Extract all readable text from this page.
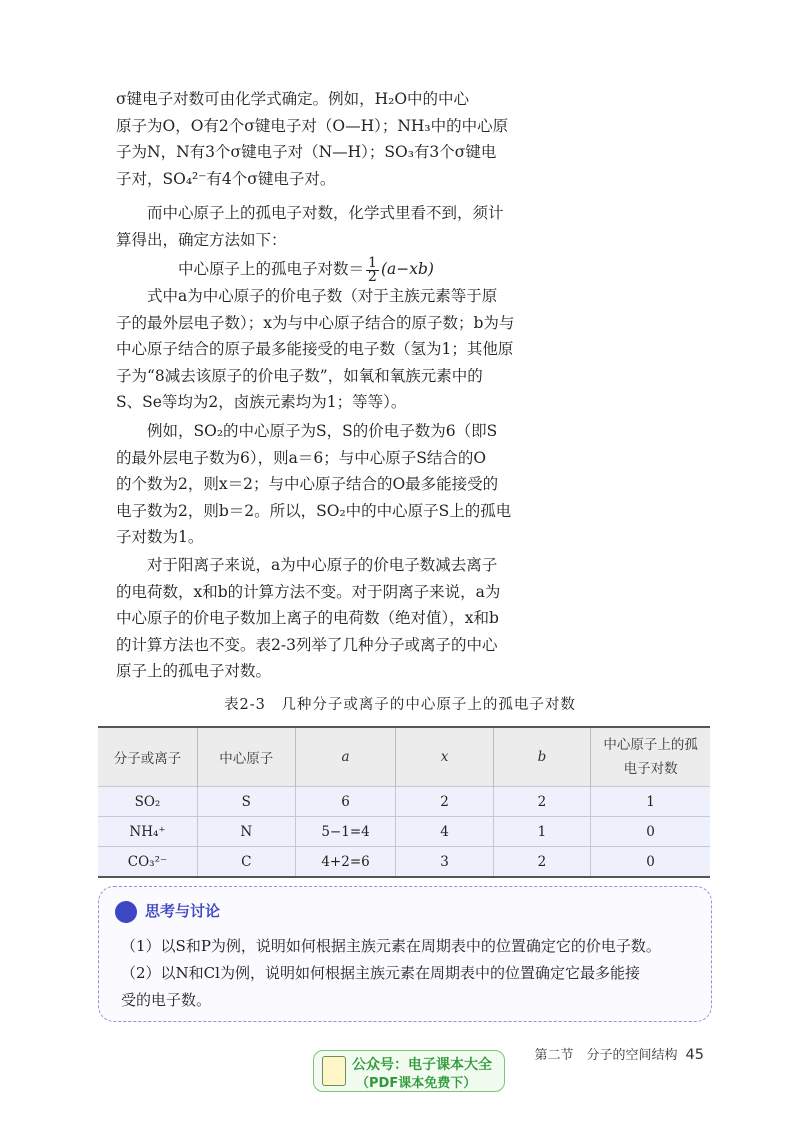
σ键电子对数可由化学式确定。例如，H₂O中的中心
原子为O，O有2个σ键电子对（O—H）；NH₃中的中心原
子为N，N有3个σ键电子对（N—H）；SO₃有3个σ键电
子对，SO₄²⁻有4个σ键电子对。
　　而中心原子上的孤电子对数，化学式里看不到，须计
算得出，确定方法如下：
中心原子上的孤电子对数＝ $\frac{1}{2} (a-xb)$
　　式中a为中心原子的价电子数（对于主族元素等于原
子的最外层电子数）；x为与中心原子结合的原子数；b为与
中心原子结合的原子最多能接受的电子数（氢为1；其他原
子为“8减去该原子的价电子数”，如氧和氧族元素中的
S、Se等均为2，卤族元素均为1；等等）。
　　例如，SO₂的中心原子为S，S的价电子数为6（即S
的最外层电子数为6），则a＝6；与中心原子S结合的O
的个数为2，则x＝2；与中心原子结合的O最多能接受的
电子数为2，则b＝2。所以，SO₂中的中心原子S上的孤电
子对数为1。
　　对于阳离子来说，a为中心原子的价电子数减去离子
的电荷数，x和b的计算方法不变。对于阴离子来说，a为
中心原子的价电子数加上离子的电荷数（绝对值），x和b
的计算方法也不变。表2-3列举了几种分子或离子的中心
原子上的孤电子对数。
表2-3　几种分子或离子的中心原子上的孤电子对数
分子或离子	中心原子	a	x	b	中心原子上的孤电子对数
SO₂	S	6	2	2	1
NH₄⁺	N	5−1=4	4	1	0
CO₃²⁻	C	4+2=6	3	2	0
思考与讨论
（1）以S和P为例，说明如何根据主族元素在周期表中的位置确定它的价电子数。
（2）以N和Cl为例，说明如何根据主族元素在周期表中的位置确定它最多能接
受的电子数。
第二节　分子的空间结构 45
公众号：电子课本大全
（PDF课本免费下）
